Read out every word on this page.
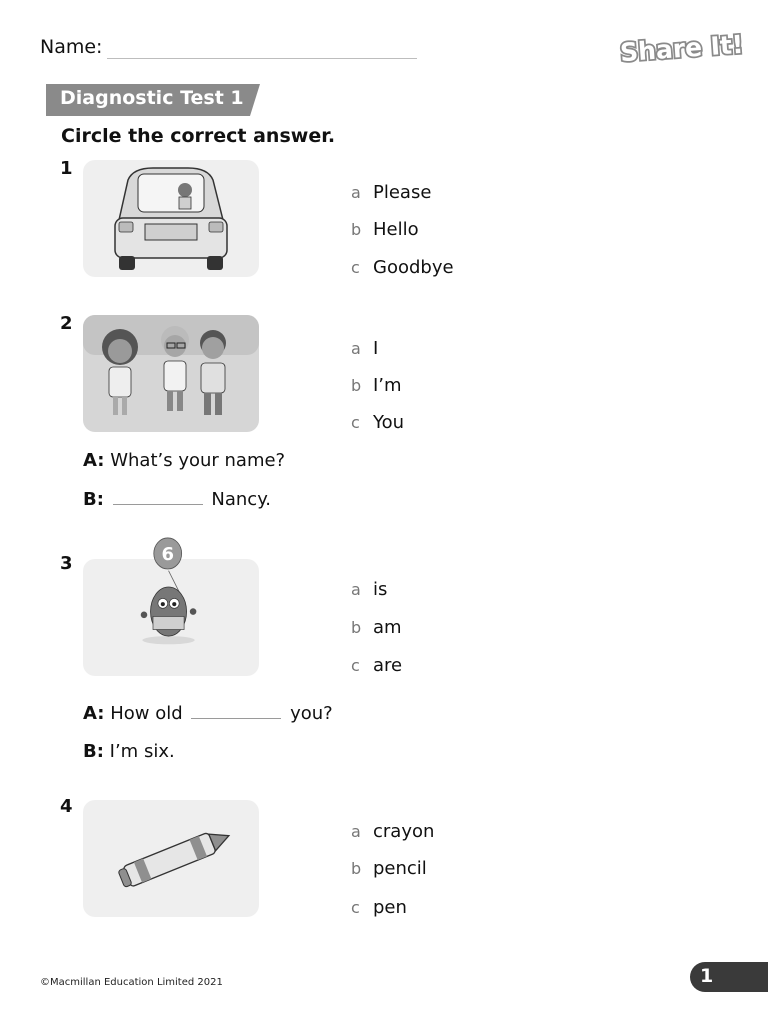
Name:	Share It!
Diagnostic Test 1
Circle the correct answer.
1
a Please
b Hello
c Goodbye
2
a I
b I’m
c You
A: What’s your name?
B:	Nancy.
3	6
a is
b am
c are
A: How old	you?
B: I’m six.
4
a crayon
b pencil
c pen
©Macmillan Education Limited 2021	1
